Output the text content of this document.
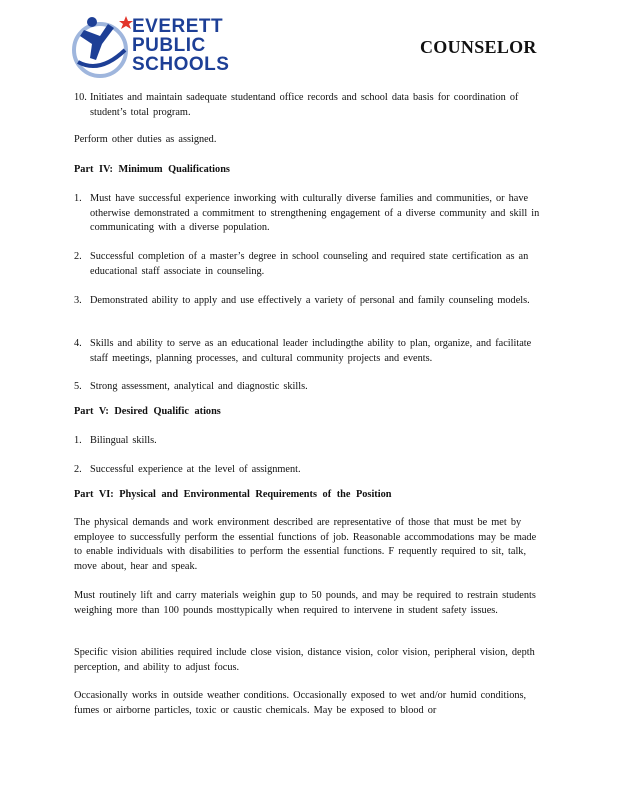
EVERETT
PUBLIC
SCHOOLS
COUNSELOR
10. Initiates and maintain sadequate studentand office records and school data basis for coordination of student’s total program.
Perform other duties as assigned.
Part IV: Minimum Qualifications
1. Must have successful experience inworking with culturally diverse families and communities, or have otherwise demonstrated a commitment to strengthening engagement of a diverse community and skill in communicating with a diverse population.
2. Successful completion of a master’s degree in school counseling and required state certification as an educational staff associate in counseling.
3. Demonstrated ability to apply and use effectively a variety of personal and family counseling models.
4. Skills and ability to serve as an educational leader includingthe ability to plan, organize, and facilitate staff meetings, planning processes, and cultural community projects and events.
5. Strong assessment, analytical and diagnostic skills.
Part V: Desired Qualific ations
1. Bilingual skills.
2. Successful experience at the level of assignment.
Part VI: Physical and Environmental Requirements of the Position
The physical demands and work environment described are representative of those that must be met by employee to successfully perform the essential functions of job. Reasonable accommodations may be made to enable individuals with disabilities to perform the essential functions. F requently required to sit, talk, move about, hear and speak.
Must routinely lift and carry materials weighin gup to 50 pounds, and may be required to restrain students weighing more than 100 pounds mosttypically when required to intervene in student safety issues.
Specific vision abilities required include close vision, distance vision, color vision, peripheral vision, depth perception, and ability to adjust focus.
Occasionally works in outside weather conditions. Occasionally exposed to wet and/or humid conditions, fumes or airborne particles, toxic or caustic chemicals. May be exposed to blood or
